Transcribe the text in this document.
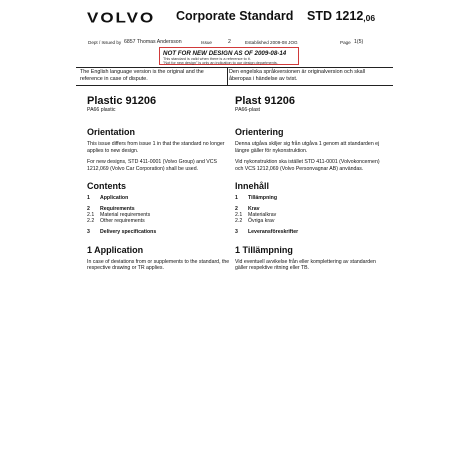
VOLVO Corporate Standard STD $1212_{,06}$
Dept / Issued by 6857 Thomas Andersson	Issue	2	Established 2009-08 JOG	Page 1(5)
NOT FOR NEW DESIGN AS OF 2009-08-14
This standard is valid when there is a reference to it.
"Not for new design" is only an indication to our design departments.
The English language version is the original and the reference in case of dispute.
Den engelska språkversionen är originalversion och skall åberopas i händelse av tvist.
Plastic 91206
PA66 plastic
Orientation

This issue differs from issue 1 in that the standard no longer applies to new design.

For new designs, STD 411-0001 (Volvo Group) and VCS 1212,069 (Volvo Car Corporation) shall be used.

Contents
1	Application
2	Requirements
2.1	Material requirements
2.2	Other requirements
3	Delivery specifications
1 Application

In case of deviations from or supplements to the standard, the respective drawing or TR applies.

Plast 91206
PA66-plast
Orientering

Denna utgåva skiljer sig från utgåva 1 genom att standarden ej längre gäller för nykonstruktion.

Vid nykonstruktion ska istället STD 411-0001 (Volvokoncernen) och VCS 1212,069 (Volvo Personvagnar AB) användas.

Innehåll
1	Tillämpning
2	Krav
2.1	Materialkrav
2.2	Övriga krav
3	Leveransföreskrifter
1 Tillämpning

Vid eventuell avvikelse från eller komplettering av standarden gäller respektive ritning eller TB.
